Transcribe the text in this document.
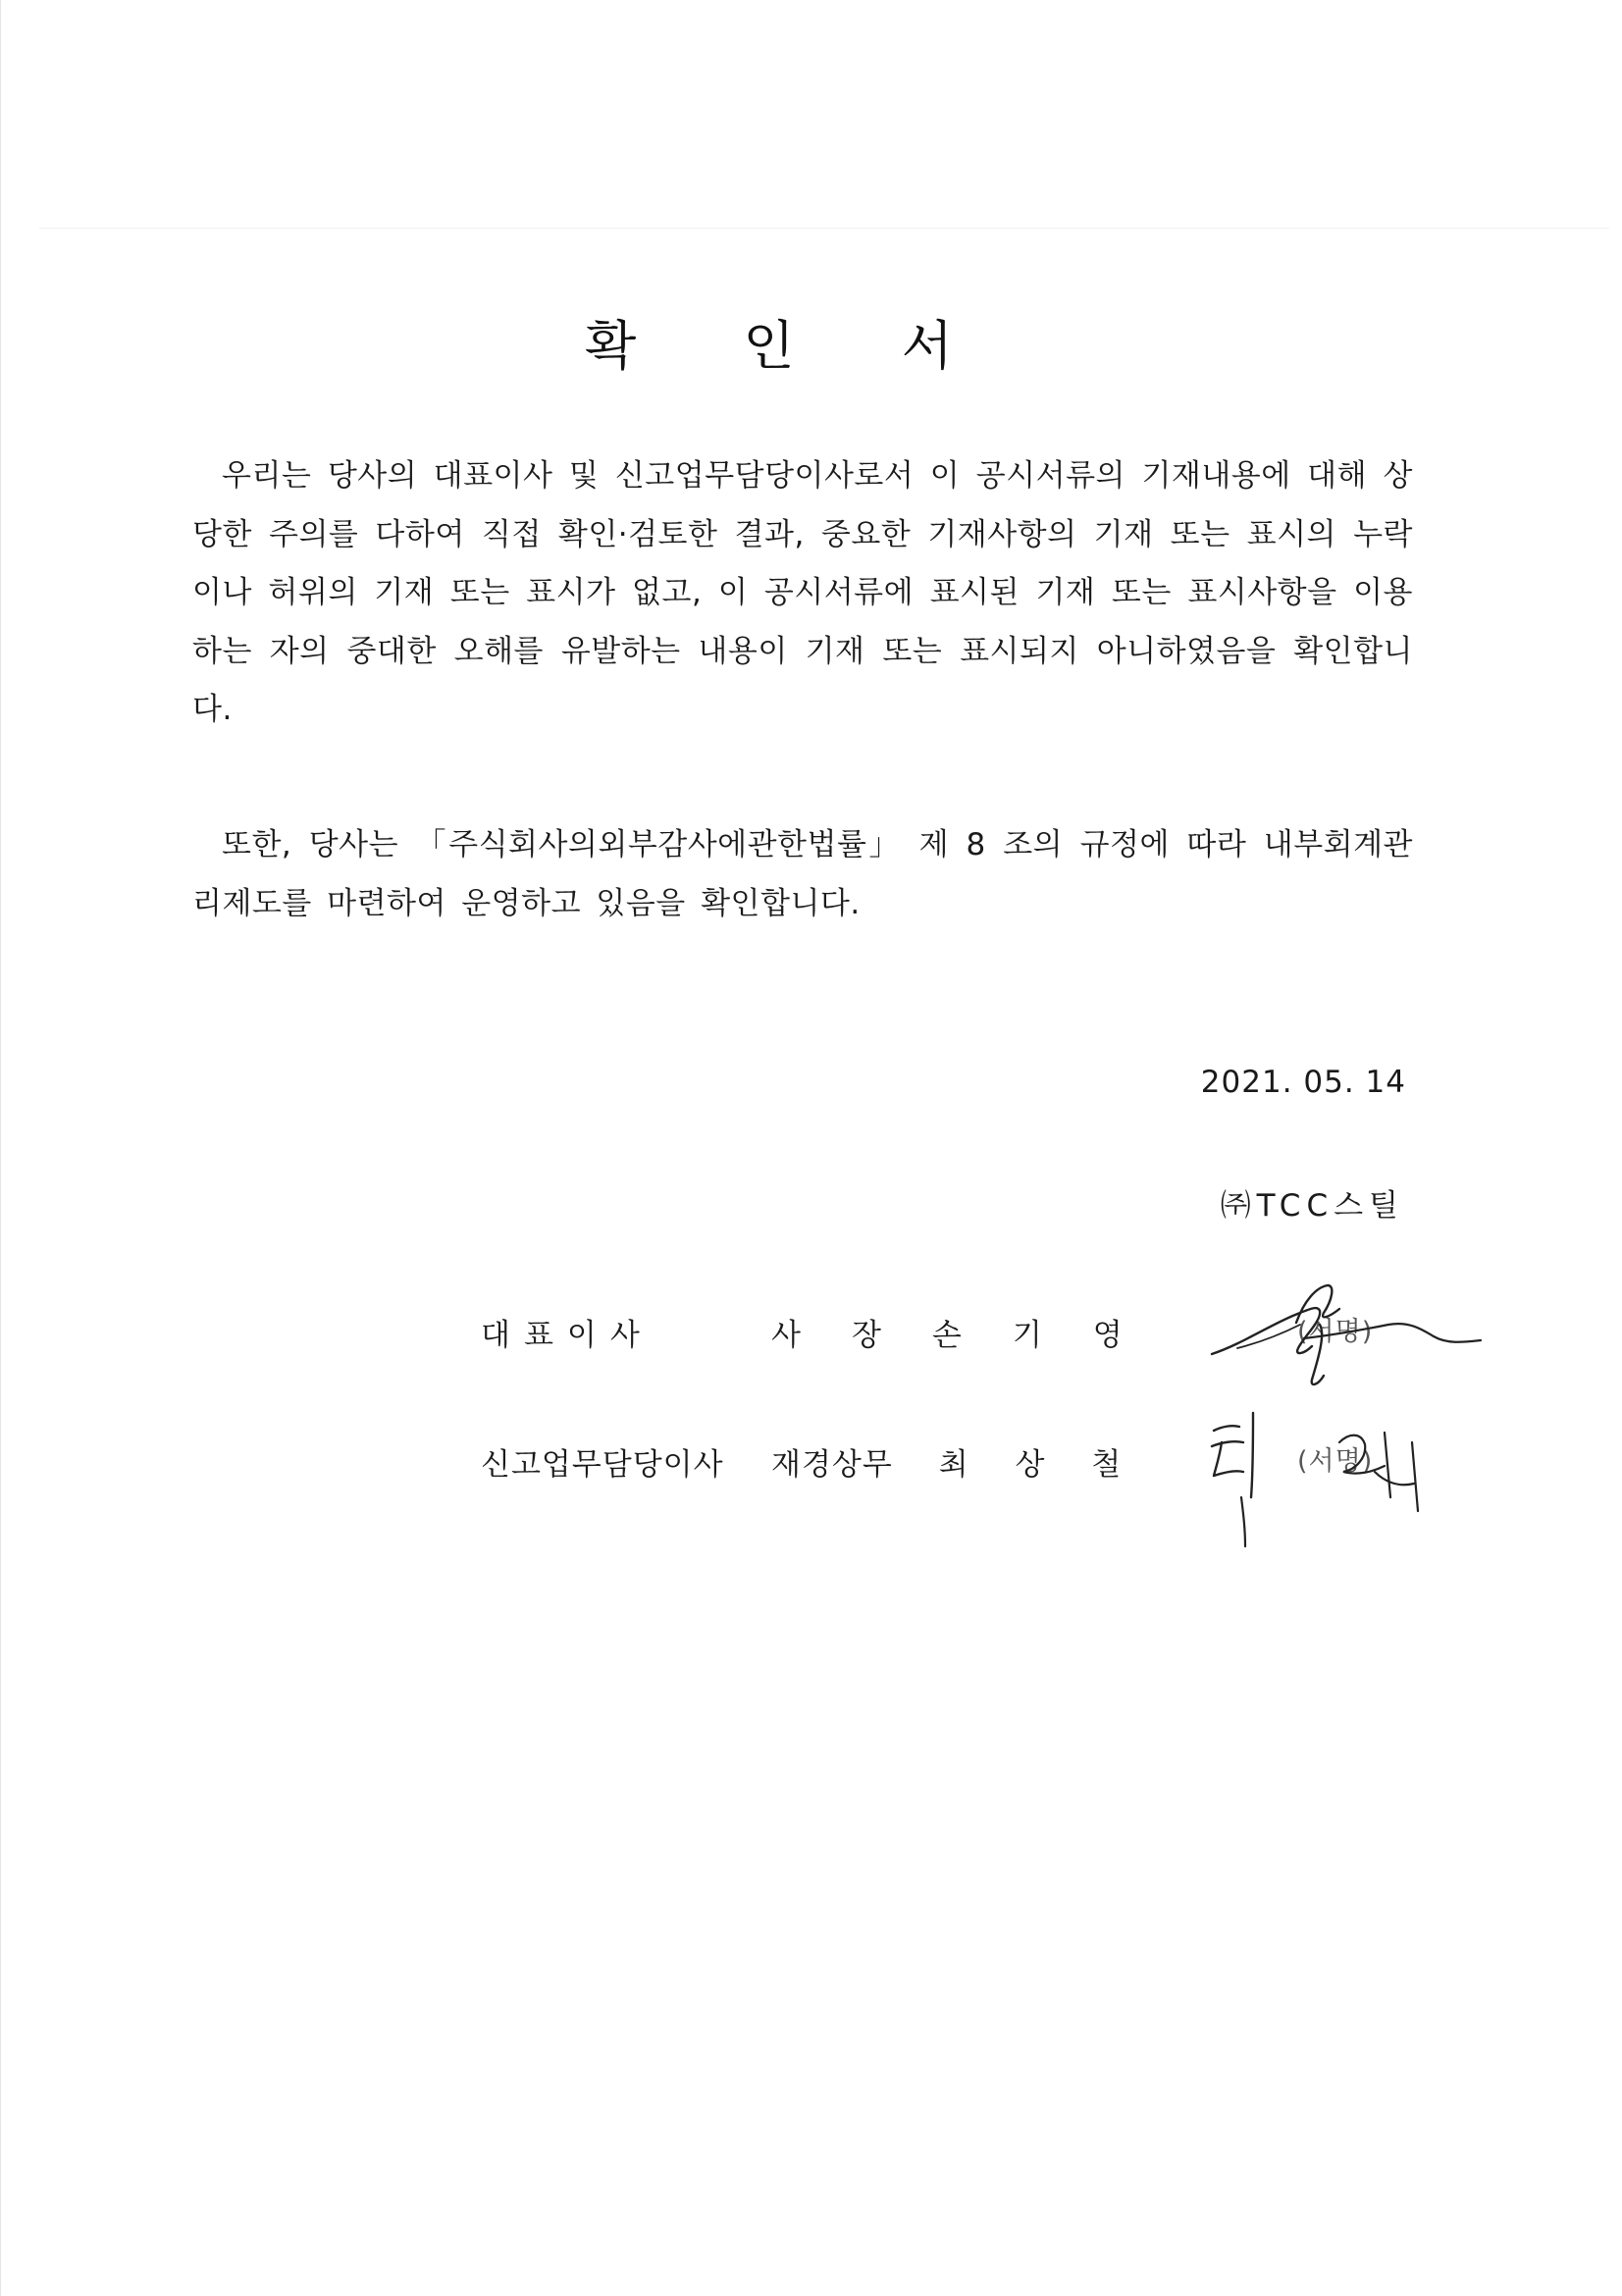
확 인 서

우리는 당사의 대표이사 및 신고업무담당이사로서 이 공시서류의 기재내용에 대해 상당한 주의를 다하여 직접 확인·검토한 결과, 중요한 기재사항의 기재 또는 표시의 누락이나 허위의 기재 또는 표시가 없고, 이 공시서류에 표시된 기재 또는 표시사항을 이용하는 자의 중대한 오해를 유발하는 내용이 기재 또는 표시되지 아니하였음을 확인합니다.

또한, 당사는 「주식회사의외부감사에관한법률」 제 8 조의 규정에 따라 내부회계관리제도를 마련하여 운영하고 있음을 확인합니다.

2021. 05. 14
㈜TCC스틸
대표이사	사장손기영
신고업무담당이사 재경상무 최 상 철
(서명)
(서명)
